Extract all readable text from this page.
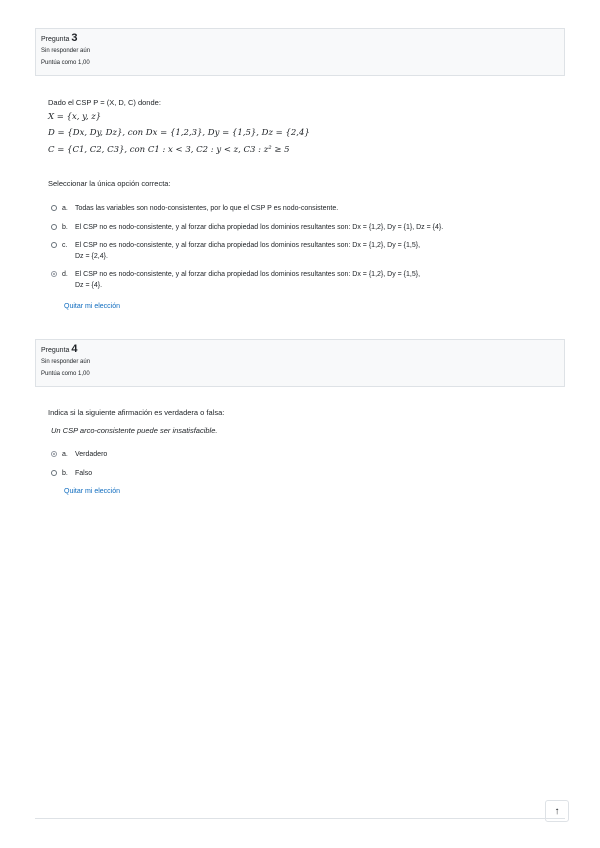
Pregunta 3
Sin responder aún
Puntúa como 1,00
Dado el CSP P = (X, D, C) donde:
X = {x, y, z}
D = {Dx, Dy, Dz}, con Dx = {1,2,3}, Dy = {1,5}, Dz = {2,4}
C = {C1, C2, C3}, con C1 : x < 3, C2 : y < z, C3 : z² ≥ 5
Seleccionar la única opción correcta:
a.	Todas las variables son nodo-consistentes, por lo que el CSP P es nodo-consistente.
b.	El CSP no es nodo-consistente, y al forzar dicha propiedad los dominios resultantes son: Dx = {1,2}, Dy = {1}, Dz = {4}.
c.	El CSP no es nodo-consistente, y al forzar dicha propiedad los dominios resultantes son: Dx = {1,2}, Dy = {1,5},
Dz = {2,4}.
d.	El CSP no es nodo-consistente, y al forzar dicha propiedad los dominios resultantes son: Dx = {1,2}, Dy = {1,5},
Dz = {4}.
Quitar mi elección
Pregunta 4
Sin responder aún
Puntúa como 1,00
Indica si la siguiente afirmación es verdadera o falsa:
Un CSP arco-consistente puede ser insatisfacible.
a.	Verdadero
b.	Falso
Quitar mi elección
↑
